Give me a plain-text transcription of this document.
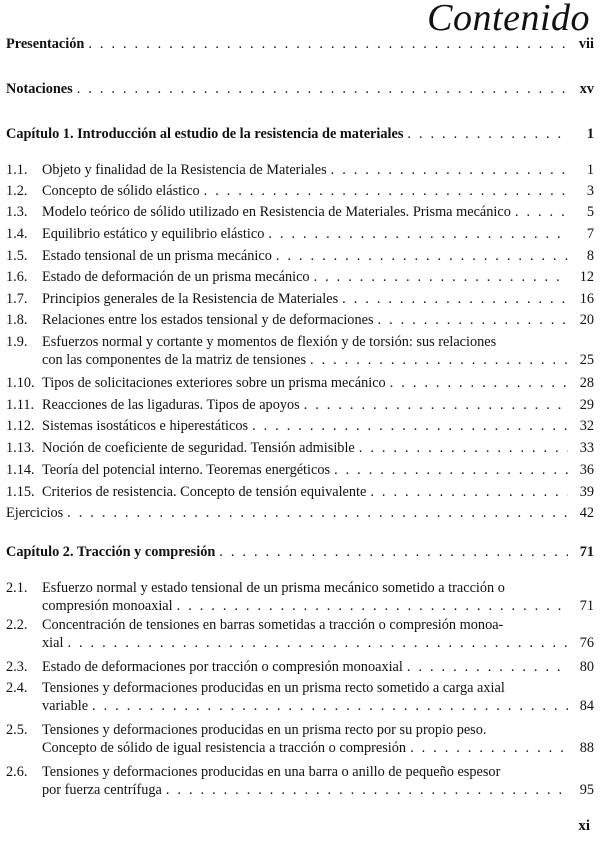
Contenido
Presentación . . .	vii
Notaciones . . .	xv
Capítulo 1. Introducción al estudio de la resistencia de materiales . . .	1
1.1.	Objeto y finalidad de la Resistencia de Materiales . . .	1
1.2.	Concepto de sólido elástico . . .	3
1.3.	Modelo teórico de sólido utilizado en Resistencia de Materiales. Prisma mecánico . . .	5
1.4.	Equilibrio estático y equilibrio elástico . . .	7
1.5.	Estado tensional de un prisma mecánico . . .	8
1.6.	Estado de deformación de un prisma mecánico . . .	12
1.7.	Principios generales de la Resistencia de Materiales . . .	16
1.8.	Relaciones entre los estados tensional y de deformaciones . . .	20
1.9.	Esfuerzos normal y cortante y momentos de flexión y de torsión: sus relaciones
con las componentes de la matriz de tensiones . . .	25
1.10. Tipos de solicitaciones exteriores sobre un prisma mecánico . . .	28
1.11. Reacciones de las ligaduras. Tipos de apoyos . . .	29
1.12. Sistemas isostáticos e hiperestáticos . . .	32
1.13. Noción de coeficiente de seguridad. Tensión admisible . . .	33
1.14. Teoría del potencial interno. Teoremas energéticos . . .	36
1.15. Criterios de resistencia. Concepto de tensión equivalente . . .	39
Ejercicios . . .	42
Capítulo 2. Tracción y compresión . . .	71
2.1.	Esfuerzo normal y estado tensional de un prisma mecánico sometido a tracción o
compresión monoaxial . . .	71
2.2.	Concentración de tensiones en barras sometidas a tracción o compresión monoa-
xial . . .	76
2.3.	Estado de deformaciones por tracción o compresión monoaxial . . .	80
2.4.	Tensiones y deformaciones producidas en un prisma recto sometido a carga axial
variable . . .	84
2.5.	Tensiones y deformaciones producidas en un prisma recto por su propio peso.
Concepto de sólido de igual resistencia a tracción o compresión . . .	88
2.6.	Tensiones y deformaciones producidas en una barra o anillo de pequeño espesor
por fuerza centrífuga . . .	95
xi
